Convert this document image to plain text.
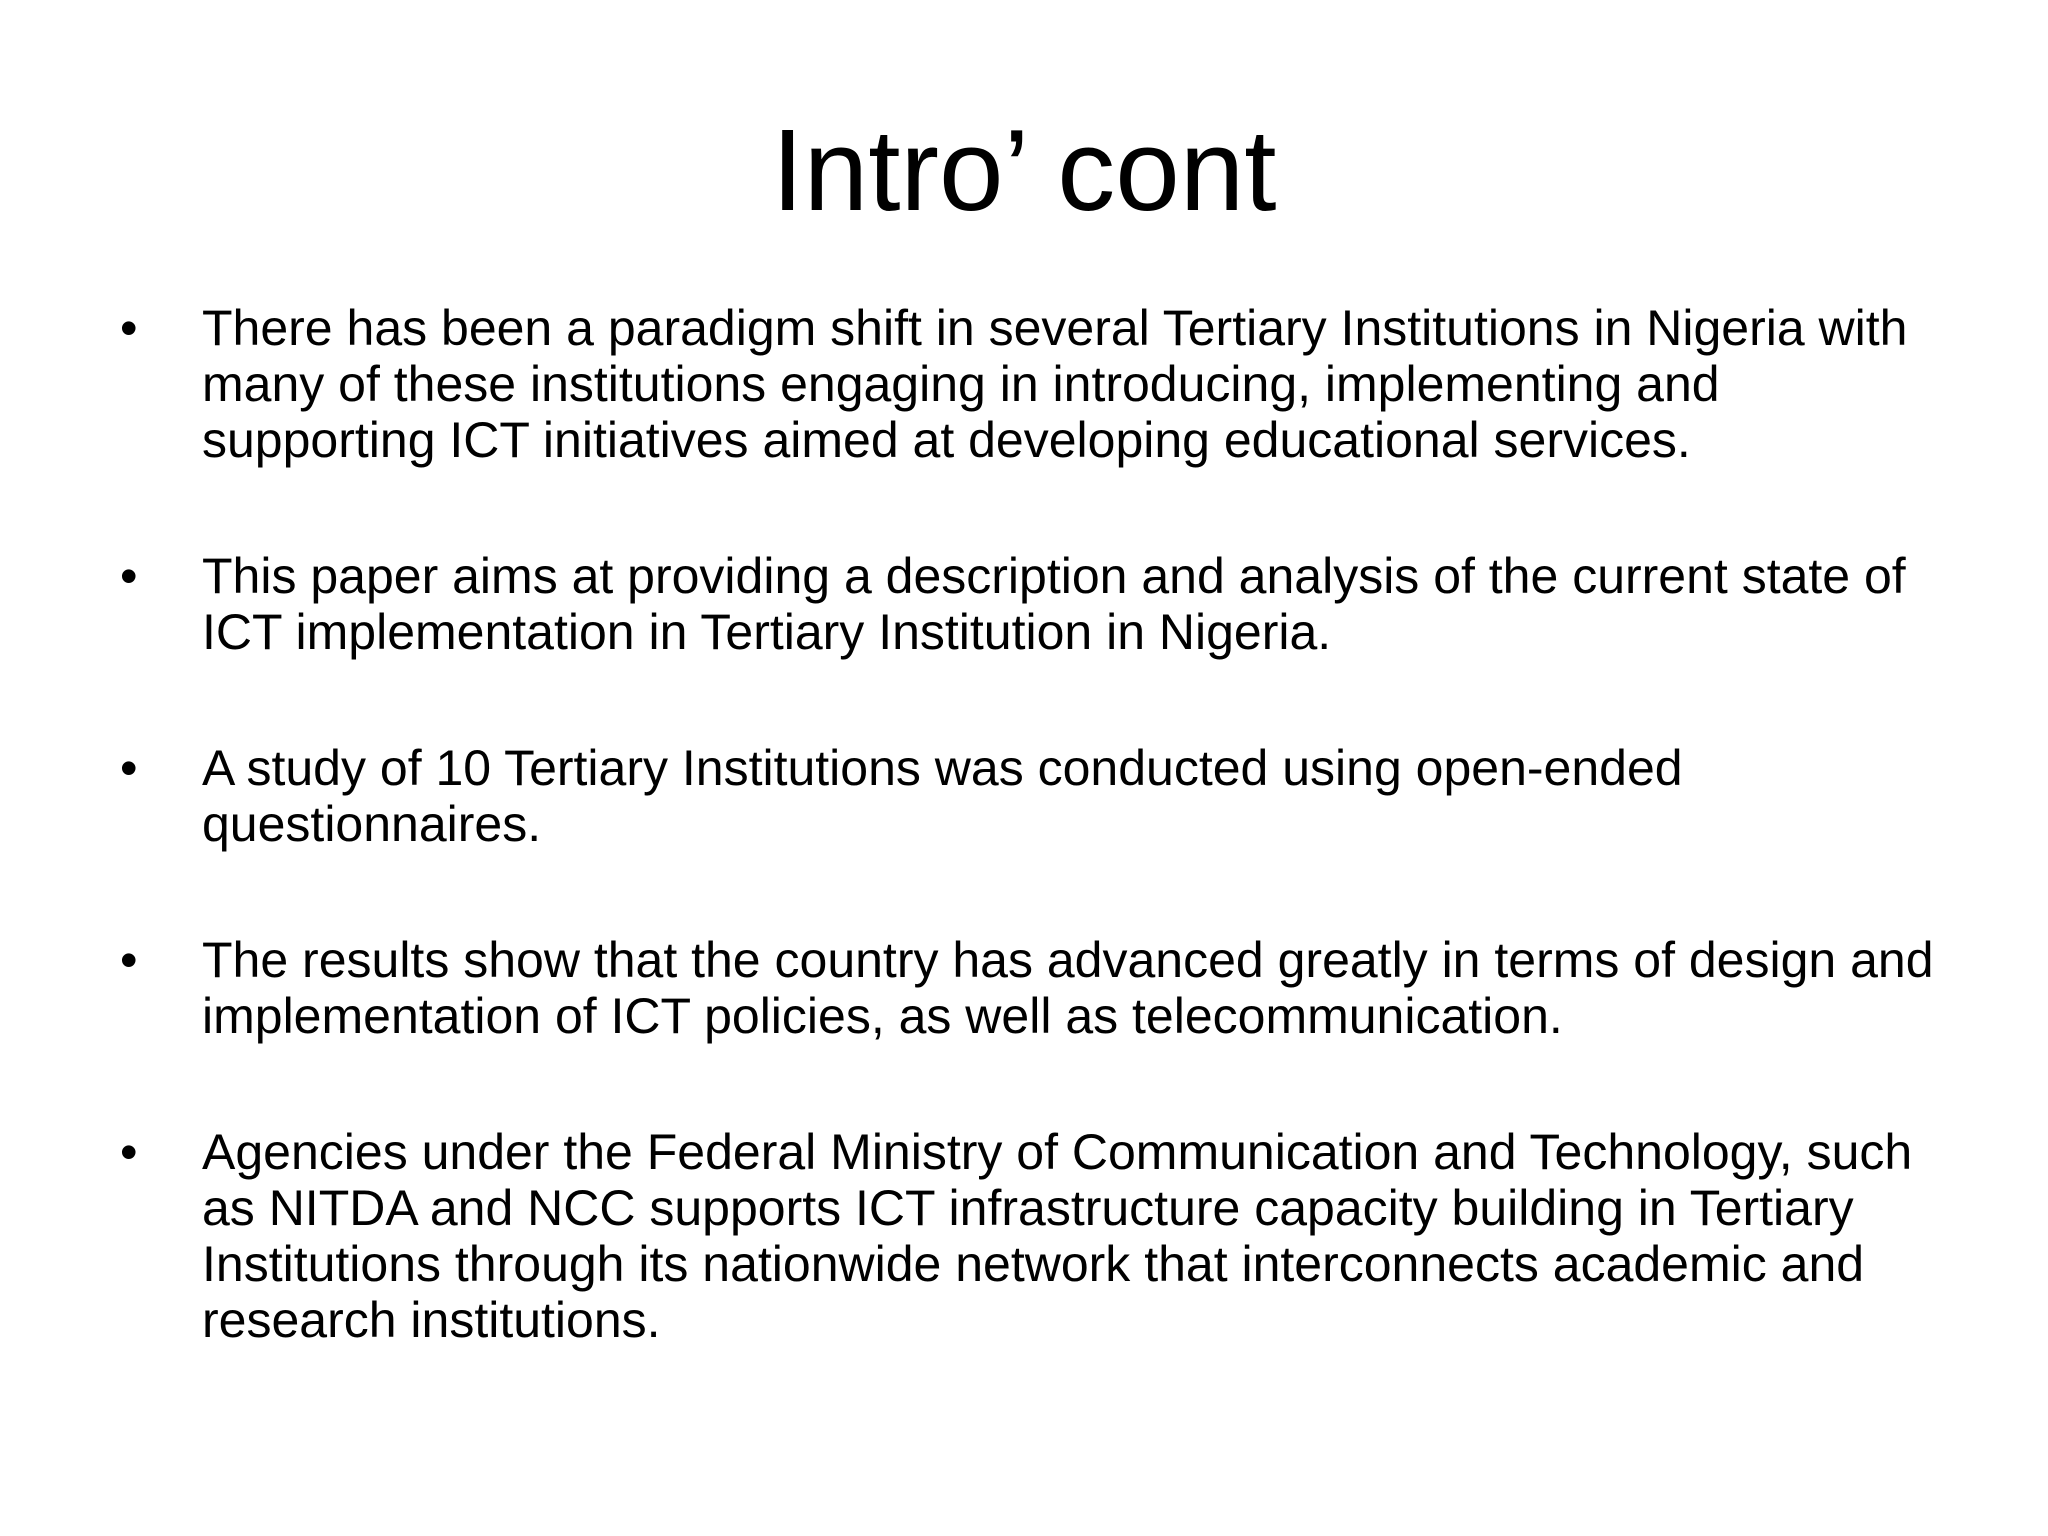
Intro’ cont
•	There has been a paradigm shift in several Tertiary Institutions in Nigeria with many of these institutions engaging in introducing, implementing and supporting ICT initiatives aimed at developing educational services.
•	This paper aims at providing a description and analysis of the current state of ICT implementation in Tertiary Institution in Nigeria.
•	A study of 10 Tertiary Institutions was conducted using open-ended questionnaires.
•	The results show that the country has advanced greatly in terms of design and implementation of ICT policies, as well as telecommunication.
•	Agencies under the Federal Ministry of Communication and Technology, such as NITDA and NCC supports ICT infrastructure capacity building in Tertiary Institutions through its nationwide network that interconnects academic and research institutions.
